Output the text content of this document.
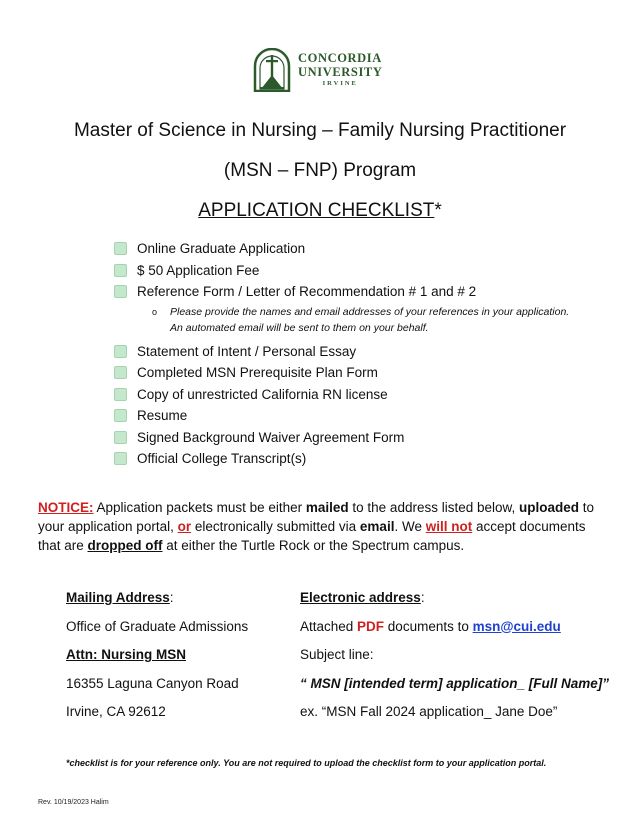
CONCORDIA
UNIVERSITY
IRVINE
Master of Science in Nursing – Family Nursing Practitioner
(MSN – FNP) Program
APPLICATION CHECKLIST*
Online Graduate Application
$ 50 Application Fee
Reference Form / Letter of Recommendation # 1 and # 2
o	Please provide the names and email addresses of your references in your application. An automated email will be sent to them on your behalf.
Statement of Intent / Personal Essay
Completed MSN Prerequisite Plan Form
Copy of unrestricted California RN license
Resume
Signed Background Waiver Agreement Form
Official College Transcript(s)
NOTICE: Application packets must be either mailed to the address listed below, uploaded to your application portal, or electronically submitted via email. We will not accept documents that are dropped off at either the Turtle Rock or the Spectrum campus.
Mailing Address:
Office of Graduate Admissions
Attn: Nursing MSN
16355 Laguna Canyon Road
Irvine, CA 92612
Electronic address:
Attached PDF documents to msn@cui.edu
Subject line:
“ MSN [intended term] application_ [Full Name]”
ex. “MSN Fall 2024 application_ Jane Doe”
*checklist is for your reference only. You are not required to upload the checklist form to your application portal.
Rev. 10/19/2023 Halim
